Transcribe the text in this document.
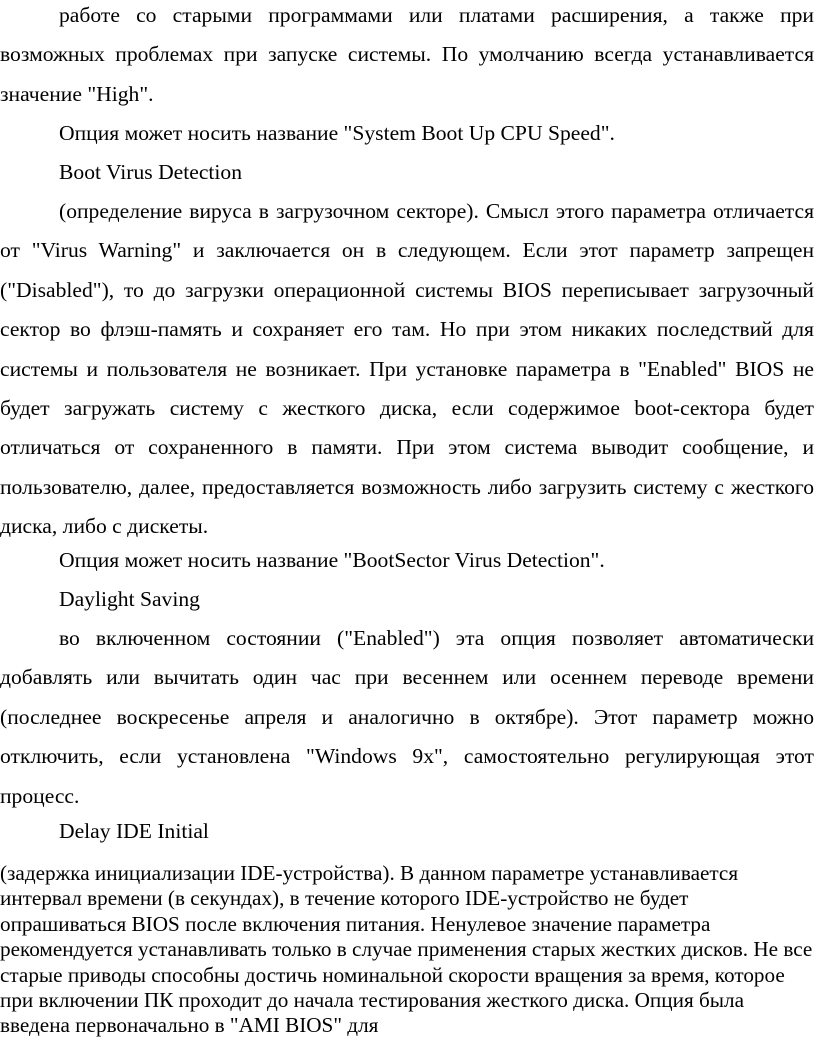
работе со старыми программами или платами расширения, а также при возможных проблемах при запуске системы. По умолчанию всегда устанавливается значение "High".

Опция может носить название "System Boot Up CPU Speed".

Boot Virus Detection

(определение вируса в загрузочном секторе). Смысл этого параметра отличается от "Virus Warning" и заключается он в следующем. Если этот параметр запрещен ("Disabled"), то до загрузки операционной системы BIOS переписывает загрузочный сектор во флэш-память и сохраняет его там. Но при этом никаких последствий для системы и пользователя не возникает. При установке параметра в "Enabled" BIOS не будет загружать систему с жесткого диска, если содержимое boot-сектора будет отличаться от сохраненного в памяти. При этом система выводит сообщение, и пользователю, далее, предоставляется возможность либо загрузить систему с жесткого диска, либо с дискеты.

Опция может носить название "BootSector Virus Detection".

Daylight Saving

во включенном состоянии ("Enabled") эта опция позволяет автоматически добавлять или вычитать один час при весеннем или осеннем переводе времени (последнее воскресенье апреля и аналогично в октябре). Этот параметр можно отключить, если установлена "Windows 9x", самостоятельно регулирующая этот процесс.

Delay IDE Initial

(задержка инициализации IDE-устройства). В данном параметре устанавливается интервал времени (в секундах), в течение которого IDE-устройство не будет опрашиваться BIOS после включения питания. Ненулевое значение параметра рекомендуется устанавливать только в случае применения старых жестких дисков. Не все старые приводы способны достичь номинальной скорости вращения за время, которое при включении ПК проходит до начала тестирования жесткого диска. Опция была введена первоначально в "AMI BIOS" для
